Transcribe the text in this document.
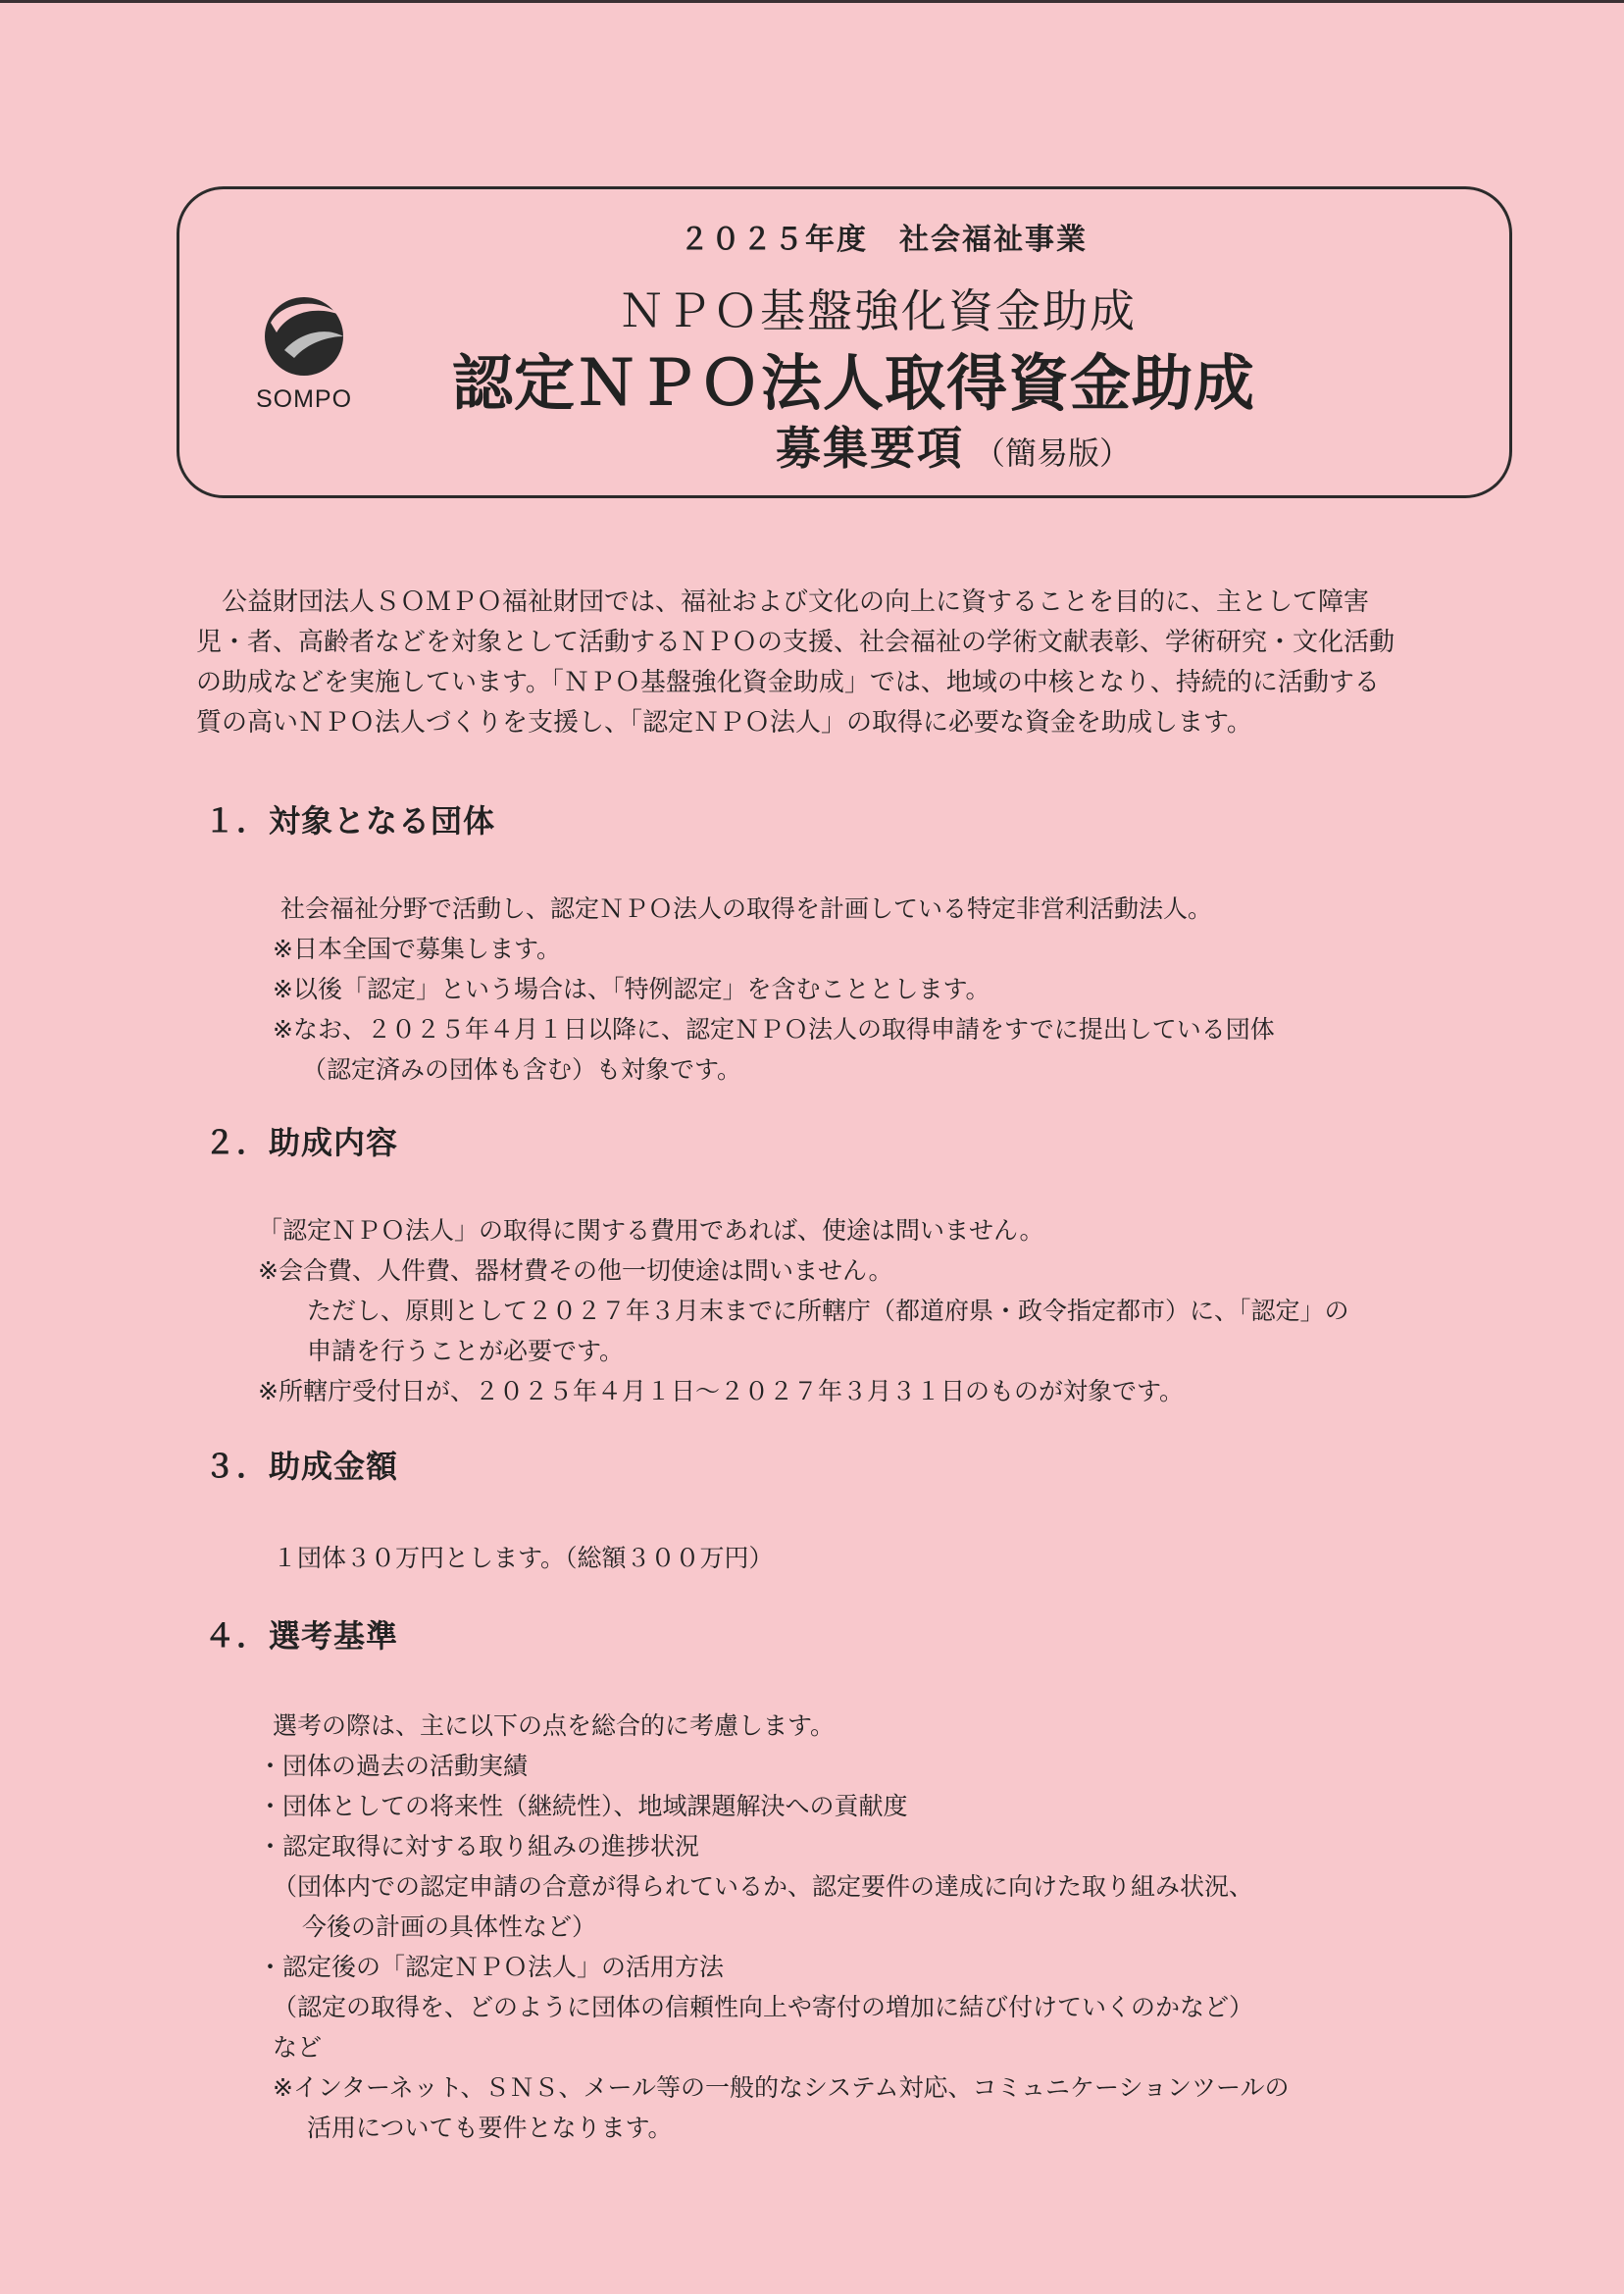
SOMPO
２０２５年度　社会福祉事業
ＮＰＯ基盤強化資金助成
認定ＮＰＯ法人取得資金助成
募集要項 （簡易版）

公益財団法人ＳＯＭＰＯ福祉財団では、福祉および文化の向上に資することを目的に、主として障害
児・者、高齢者などを対象として活動するＮＰＯの支援、社会福祉の学術文献表彰、学術研究・文化活動
の助成などを実施しています。「ＮＰＯ基盤強化資金助成」では、地域の中核となり、持続的に活動する
質の高いＮＰＯ法人づくりを支援し、「認定ＮＰＯ法人」の取得に必要な資金を助成します。

１．対象となる団体

社会福祉分野で活動し、認定ＮＰＯ法人の取得を計画している特定非営利活動法人。

※日本全国で募集します。

※以後「認定」という場合は、「特例認定」を含むこととします。

※なお、２０２５年４月１日以降に、認定ＮＰＯ法人の取得申請をすでに提出している団体

（認定済みの団体も含む）も対象です。

２．助成内容

「認定ＮＰＯ法人」の取得に関する費用であれば、使途は問いません。

※会合費、人件費、器材費その他一切使途は問いません。

ただし、原則として２０２７年３月末までに所轄庁（都道府県・政令指定都市）に、「認定」の

申請を行うことが必要です。

※所轄庁受付日が、２０２５年４月１日～２０２７年３月３１日のものが対象です。

３．助成金額

１団体３０万円とします。（総額３００万円）

４．選考基準

選考の際は、主に以下の点を総合的に考慮します。

・団体の過去の活動実績

・団体としての将来性（継続性）、地域課題解決への貢献度

・認定取得に対する取り組みの進捗状況

（団体内での認定申請の合意が得られているか、認定要件の達成に向けた取り組み状況、

今後の計画の具体性など）

・認定後の「認定ＮＰＯ法人」の活用方法

（認定の取得を、どのように団体の信頼性向上や寄付の増加に結び付けていくのかなど）

など

※インターネット、ＳＮＳ、メール等の一般的なシステム対応、コミュニケーションツールの

活用についても要件となります。
